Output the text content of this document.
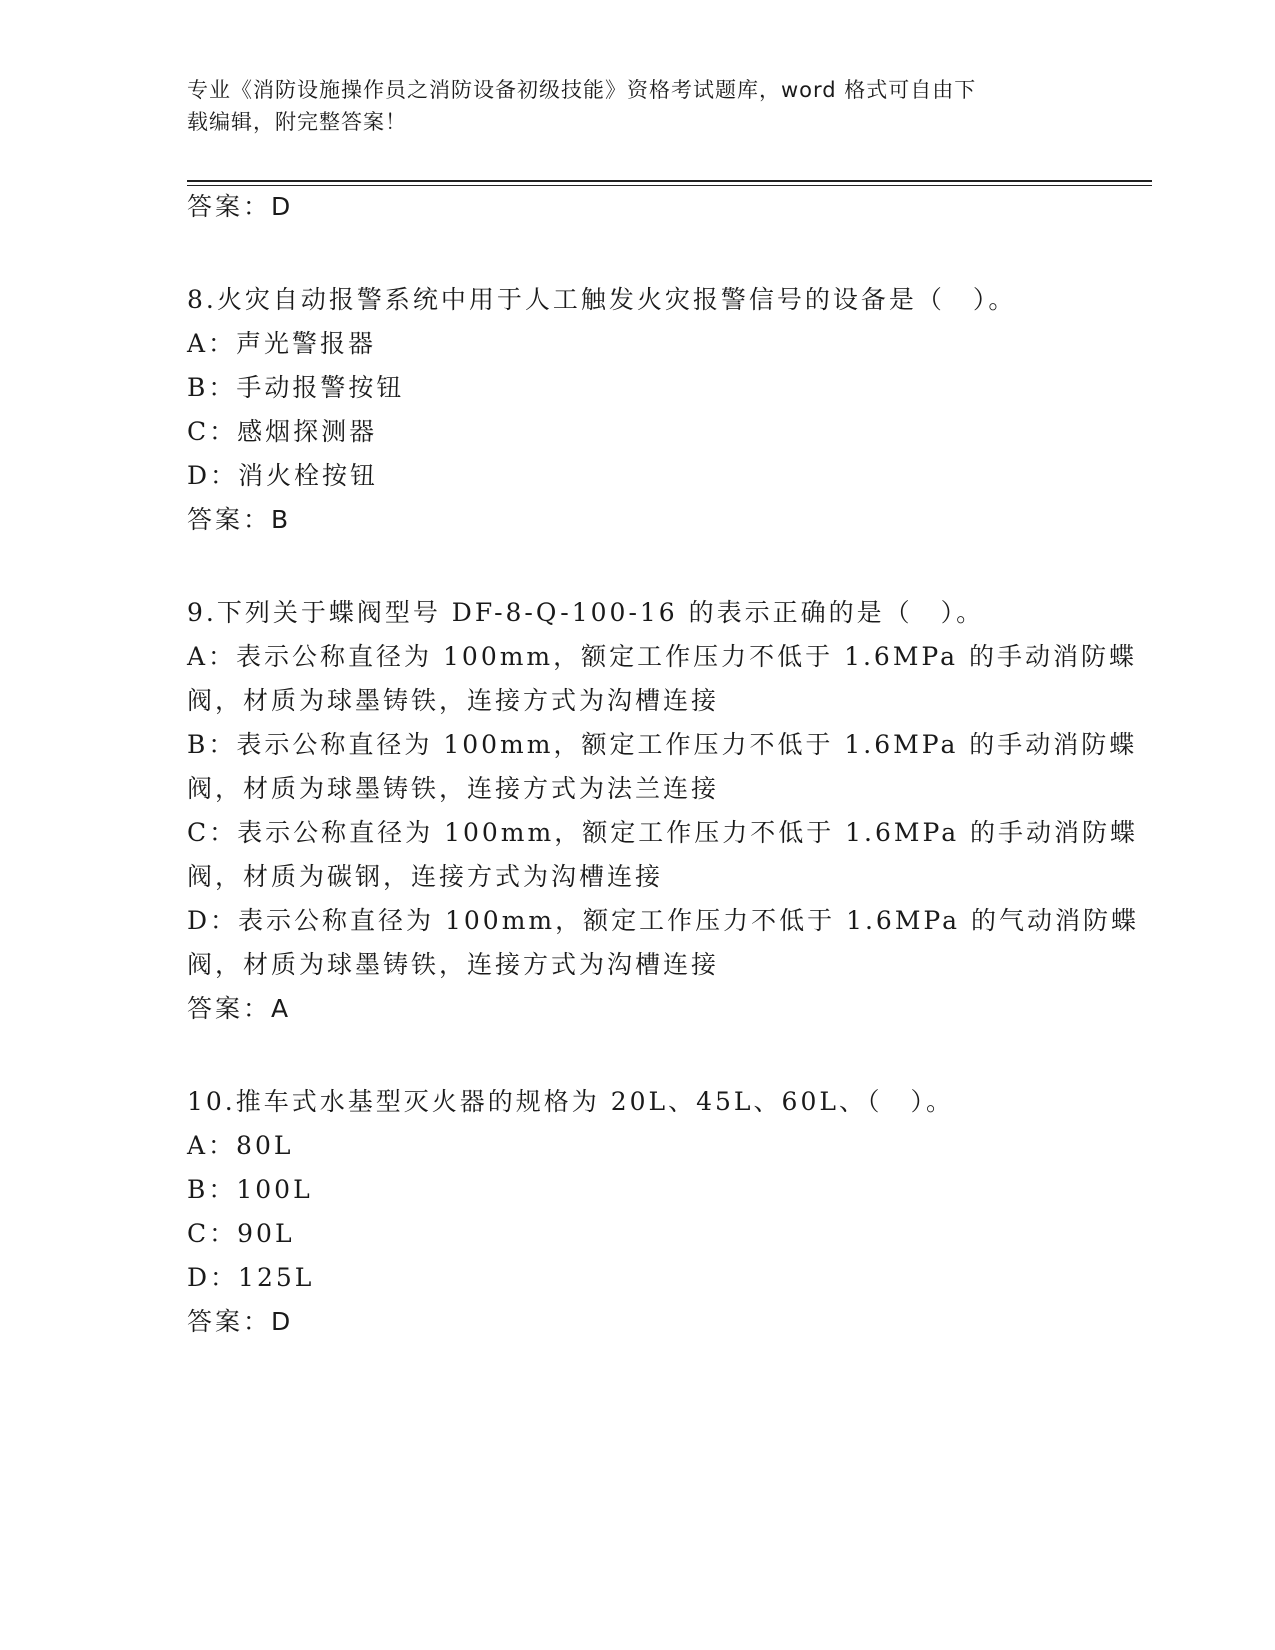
专业《消防设施操作员之消防设备初级技能》资格考试题库，word 格式可自由下
载编辑，附完整答案！
答案：D
8.火灾自动报警系统中用于人工触发火灾报警信号的设备是（　）。
A：声光警报器
B：手动报警按钮
C：感烟探测器
D：消火栓按钮
答案：B
9.下列关于蝶阀型号 DF-8-Q-100-16 的表示正确的是（　）。
A：表示公称直径为 100mm，额定工作压力不低于 1.6MPa 的手动消防蝶
阀，材质为球墨铸铁，连接方式为沟槽连接
B：表示公称直径为 100mm，额定工作压力不低于 1.6MPa 的手动消防蝶
阀，材质为球墨铸铁，连接方式为法兰连接
C：表示公称直径为 100mm，额定工作压力不低于 1.6MPa 的手动消防蝶
阀，材质为碳钢，连接方式为沟槽连接
D：表示公称直径为 100mm，额定工作压力不低于 1.6MPa 的气动消防蝶
阀，材质为球墨铸铁，连接方式为沟槽连接
答案：A
10.推车式水基型灭火器的规格为 20L、45L、60L、（　）。
A：80L
B：100L
C：90L
D：125L
答案：D
